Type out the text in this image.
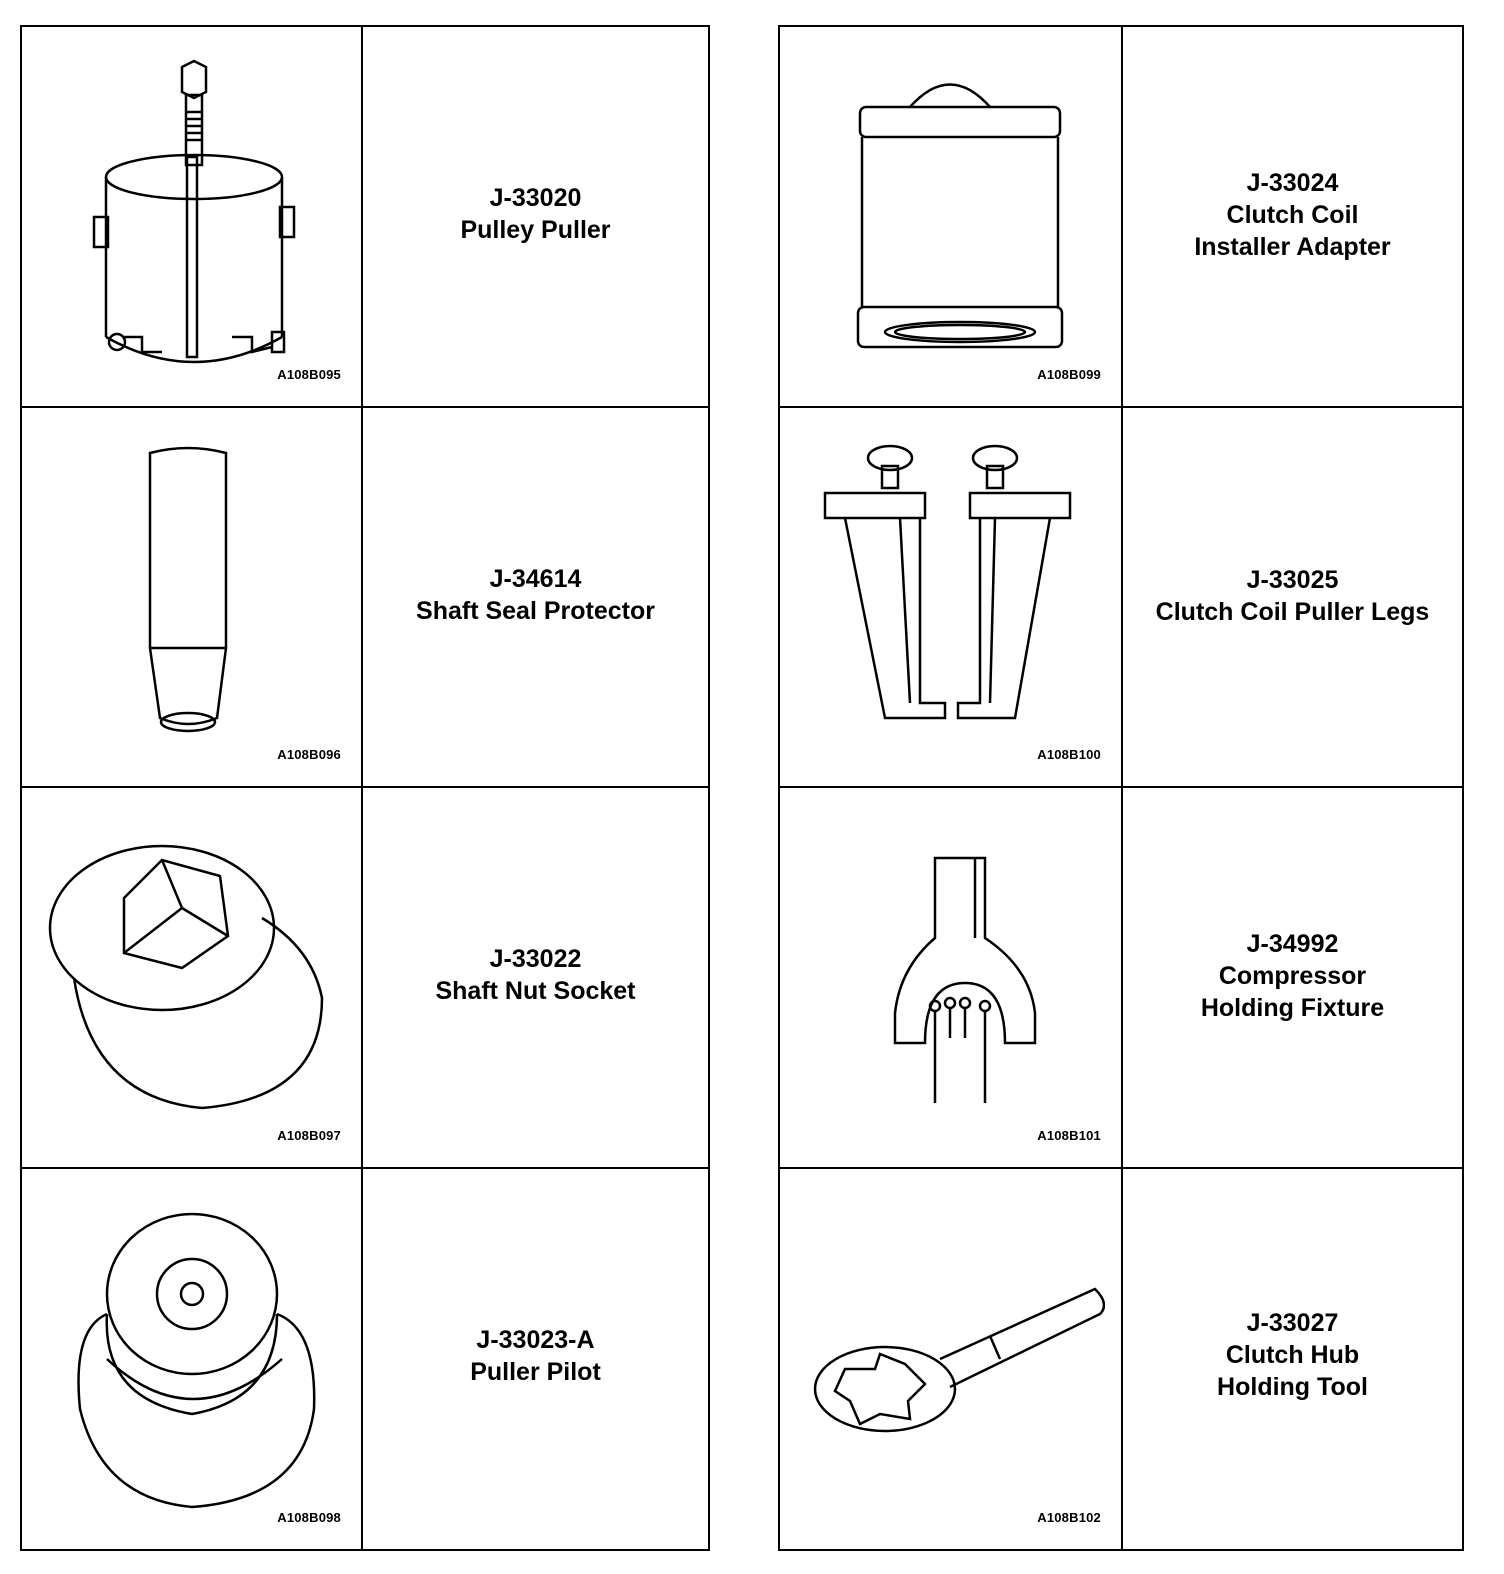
A108B095
J-33020
Pulley Puller
A108B096
J-34614
Shaft Seal Protector
A108B097
J-33022
Shaft Nut Socket
A108B098
J-33023-A
Puller Pilot
A108B099
J-33024
Clutch Coil
Installer Adapter
A108B100
J-33025
Clutch Coil Puller Legs
A108B101
J-34992
Compressor
Holding Fixture
A108B102
J-33027
Clutch Hub
Holding Tool
